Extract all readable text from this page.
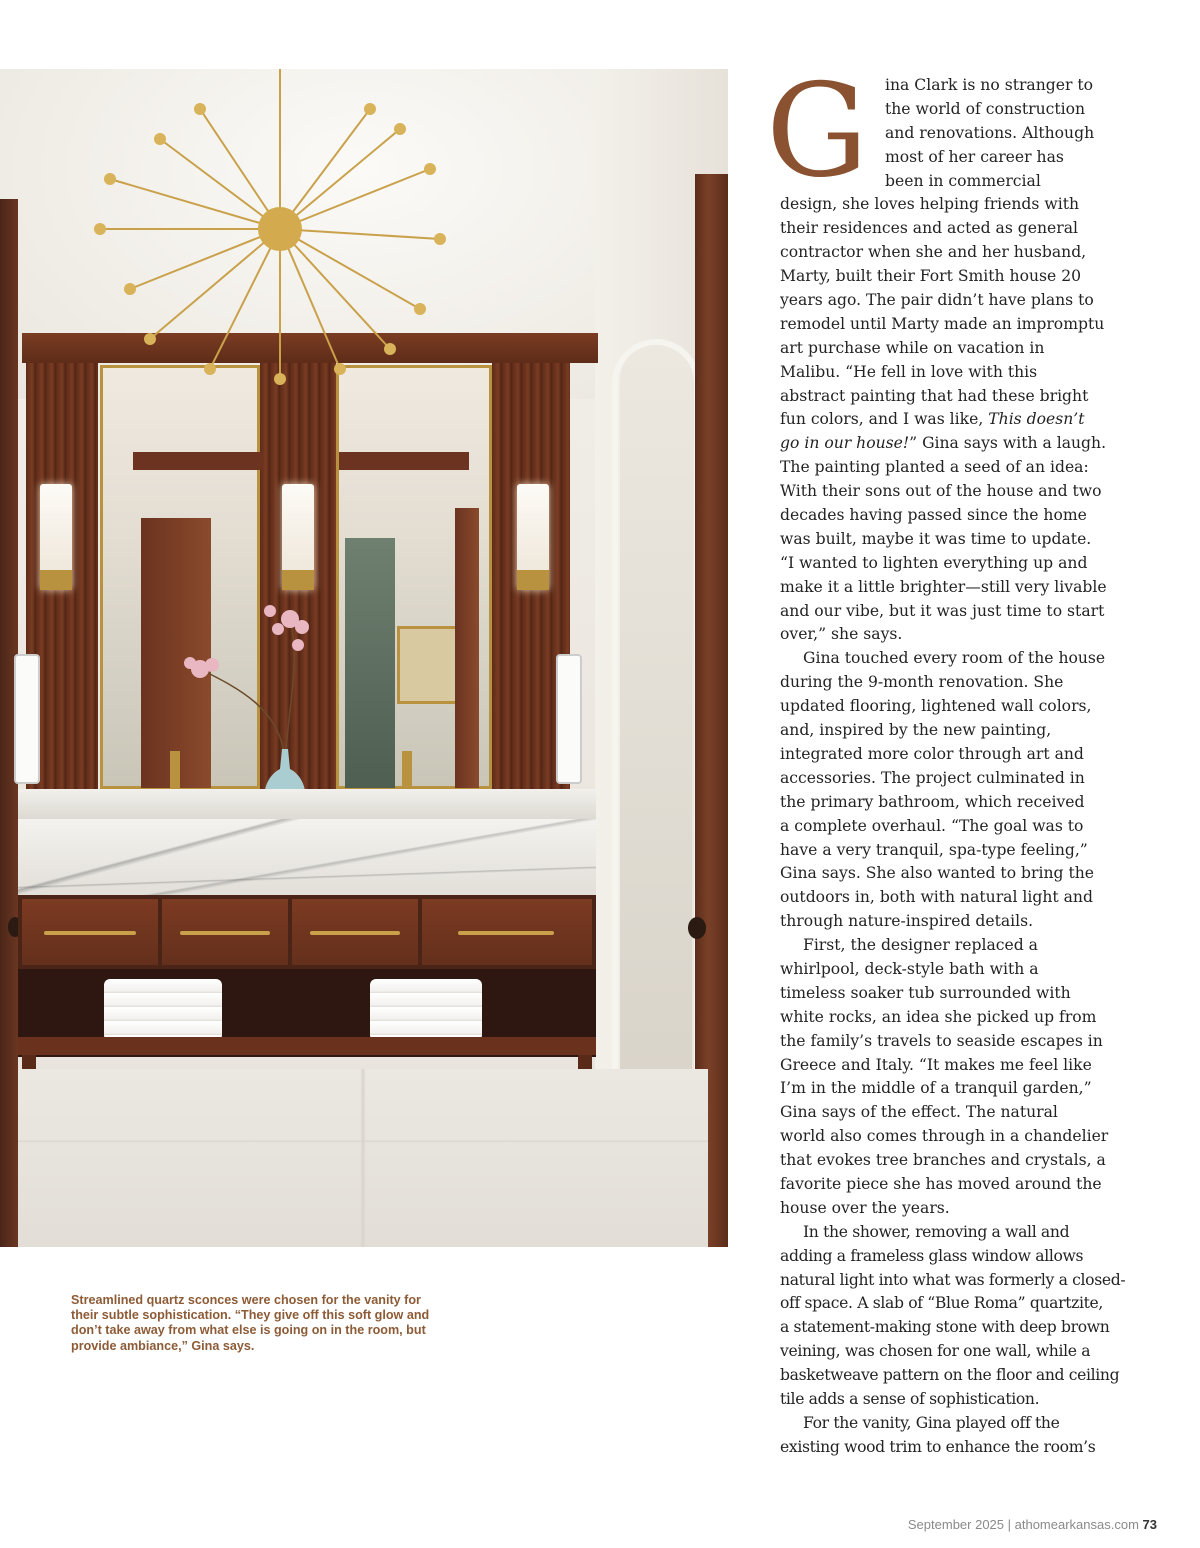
Streamlined quartz sconces were chosen for the vanity for their subtle sophistication. “They give off this soft glow and don’t take away from what else is going on in the room, but provide ambiance,” Gina says.
G	ina Clark is no stranger to
the world of construction
and renovations. Although
most of her career has
been in commercial
design, she loves helping friends with
their residences and acted as general
contractor when she and her husband,
Marty, built their Fort Smith house 20
years ago. The pair didn’t have plans to
remodel until Marty made an impromptu
art purchase while on vacation in
Malibu. “He fell in love with this
abstract painting that had these bright
fun colors, and I was like, This doesn’t
go in our house!” Gina says with a laugh.
The painting planted a seed of an idea:
With their sons out of the house and two
decades having passed since the home
was built, maybe it was time to update.
“I wanted to lighten everything up and
make it a little brighter—still very livable
and our vibe, but it was just time to start
over,” she says.
Gina touched every room of the house
during the 9-month renovation. She
updated flooring, lightened wall colors,
and, inspired by the new painting,
integrated more color through art and
accessories. The project culminated in
the primary bathroom, which received
a complete overhaul. “The goal was to
have a very tranquil, spa-type feeling,”
Gina says. She also wanted to bring the
outdoors in, both with natural light and
through nature-inspired details.
First, the designer replaced a
whirlpool, deck-style bath with a
timeless soaker tub surrounded with
white rocks, an idea she picked up from
the family’s travels to seaside escapes in
Greece and Italy. “It makes me feel like
I’m in the middle of a tranquil garden,”
Gina says of the effect. The natural
world also comes through in a chandelier
that evokes tree branches and crystals, a
favorite piece she has moved around the
house over the years.
In the shower, removing a wall and
adding a frameless glass window allows
natural light into what was formerly a closed-
off space. A slab of “Blue Roma” quartzite,
a statement-making stone with deep brown
veining, was chosen for one wall, while a
basketweave pattern on the floor and ceiling
tile adds a sense of sophistication.
For the vanity, Gina played off the
existing wood trim to enhance the room’s
September 2025 | athomearkansas.com 73
